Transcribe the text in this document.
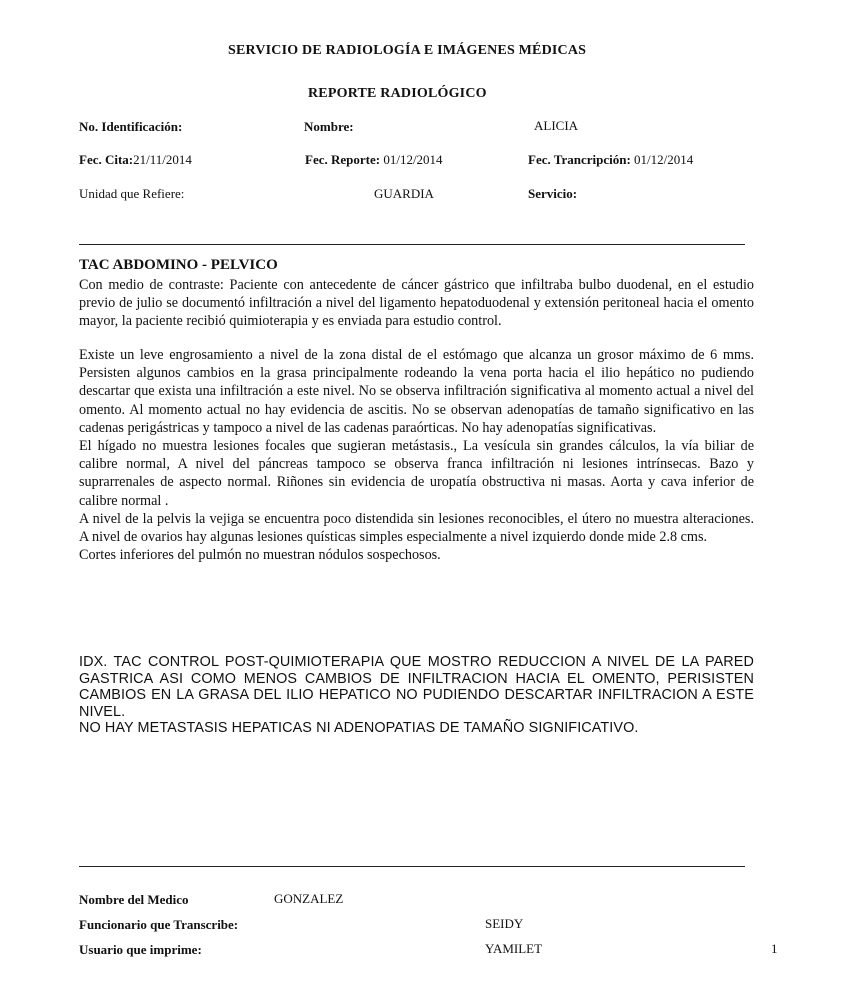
SERVICIO DE RADIOLOGÍA E IMÁGENES MÉDICAS
REPORTE RADIOLÓGICO
No. Identificación:	Nombre:	ALICIA
Fec. Cita:21/11/2014	Fec. Reporte: 01/12/2014	Fec. Trancripción: 01/12/2014
Unidad que Refiere:	GUARDIA	Servicio:
TAC ABDOMINO - PELVICO

Con medio de contraste: Paciente con antecedente de cáncer gástrico que infiltraba bulbo duodenal, en el estudio previo de julio se documentó infiltración a nivel del ligamento hepatoduodenal y extensión peritoneal hacia el omento mayor, la paciente recibió quimioterapia y es enviada para estudio control.

Existe un leve engrosamiento a nivel de la zona distal de el estómago que alcanza un grosor máximo de 6 mms. Persisten algunos cambios en la grasa principalmente rodeando la vena porta hacia el ilio hepático no pudiendo descartar que exista una infiltración a este nivel. No se observa infiltración significativa al momento actual a nivel del omento. Al momento actual no hay evidencia de ascitis. No se observan adenopatías de tamaño significativo en las cadenas perigástricas y tampoco a nivel de las cadenas paraórticas. No hay adenopatías significativas.

El hígado no muestra lesiones focales que sugieran metástasis., La vesícula sin grandes cálculos, la vía biliar de calibre normal, A nivel del páncreas tampoco se observa franca infiltración ni lesiones intrínsecas. Bazo y suprarrenales de aspecto normal. Riñones sin evidencia de uropatía obstructiva ni masas. Aorta y cava inferior de calibre normal .

A nivel de la pelvis la vejiga se encuentra poco distendida sin lesiones reconocibles, el útero no muestra alteraciones. A nivel de ovarios hay algunas lesiones quísticas simples especialmente a nivel izquierdo donde mide 2.8 cms.

Cortes inferiores del pulmón no muestran nódulos sospechosos.

IDX. TAC CONTROL POST-QUIMIOTERAPIA QUE MOSTRO REDUCCION A NIVEL DE LA PARED GASTRICA ASI COMO MENOS CAMBIOS DE INFILTRACION HACIA EL OMENTO, PERISISTEN CAMBIOS EN LA GRASA DEL ILIO HEPATICO NO PUDIENDO DESCARTAR INFILTRACION A ESTE NIVEL.

NO HAY METASTASIS HEPATICAS NI ADENOPATIAS DE TAMAÑO SIGNIFICATIVO.

Nombre del Medico	GONZALEZ
Funcionario que Transcribe:	SEIDY
Usuario que imprime:	YAMILET	1
